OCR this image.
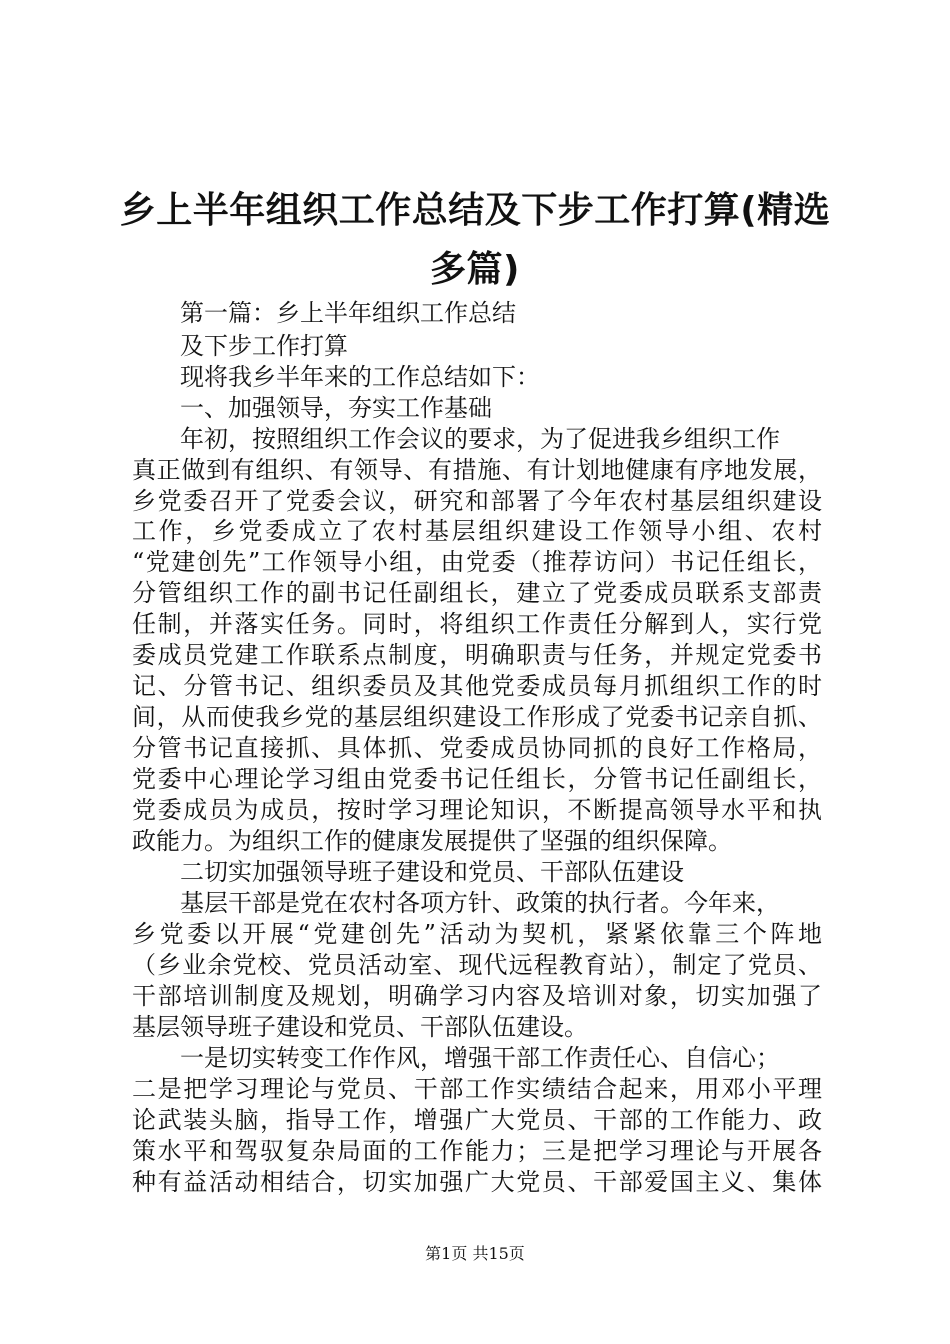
乡上半年组织工作总结及下步工作打算(精选
多篇)
第一篇：乡上半年组织工作总结
及下步工作打算
现将我乡半年来的工作总结如下：
一、加强领导，夯实工作基础
年初，按照组织工作会议的要求，为了促进我乡组织工作
真正做到有组织、有领导、有措施、有计划地健康有序地发展，
乡党委召开了党委会议，研究和部署了今年农村基层组织建设
工作，乡党委成立了农村基层组织建设工作领导小组、农村
“党建创先”工作领导小组，由党委（推荐访问）书记任组长，
分管组织工作的副书记任副组长，建立了党委成员联系支部责
任制，并落实任务。同时，将组织工作责任分解到人，实行党
委成员党建工作联系点制度，明确职责与任务，并规定党委书
记、分管书记、组织委员及其他党委成员每月抓组织工作的时
间，从而使我乡党的基层组织建设工作形成了党委书记亲自抓、
分管书记直接抓、具体抓、党委成员协同抓的良好工作格局，
党委中心理论学习组由党委书记任组长，分管书记任副组长，
党委成员为成员，按时学习理论知识，不断提高领导水平和执
政能力。为组织工作的健康发展提供了坚强的组织保障。
二切实加强领导班子建设和党员、干部队伍建设
基层干部是党在农村各项方针、政策的执行者。今年来，
乡党委以开展“党建创先”活动为契机，紧紧依靠三个阵地
（乡业余党校、党员活动室、现代远程教育站），制定了党员、
干部培训制度及规划，明确学习内容及培训对象，切实加强了
基层领导班子建设和党员、干部队伍建设。
一是切实转变工作作风，增强干部工作责任心、自信心；
二是把学习理论与党员、干部工作实绩结合起来，用邓小平理
论武装头脑，指导工作，增强广大党员、干部的工作能力、政
策水平和驾驭复杂局面的工作能力；三是把学习理论与开展各
种有益活动相结合，切实加强广大党员、干部爱国主义、集体
第1页 共15页
